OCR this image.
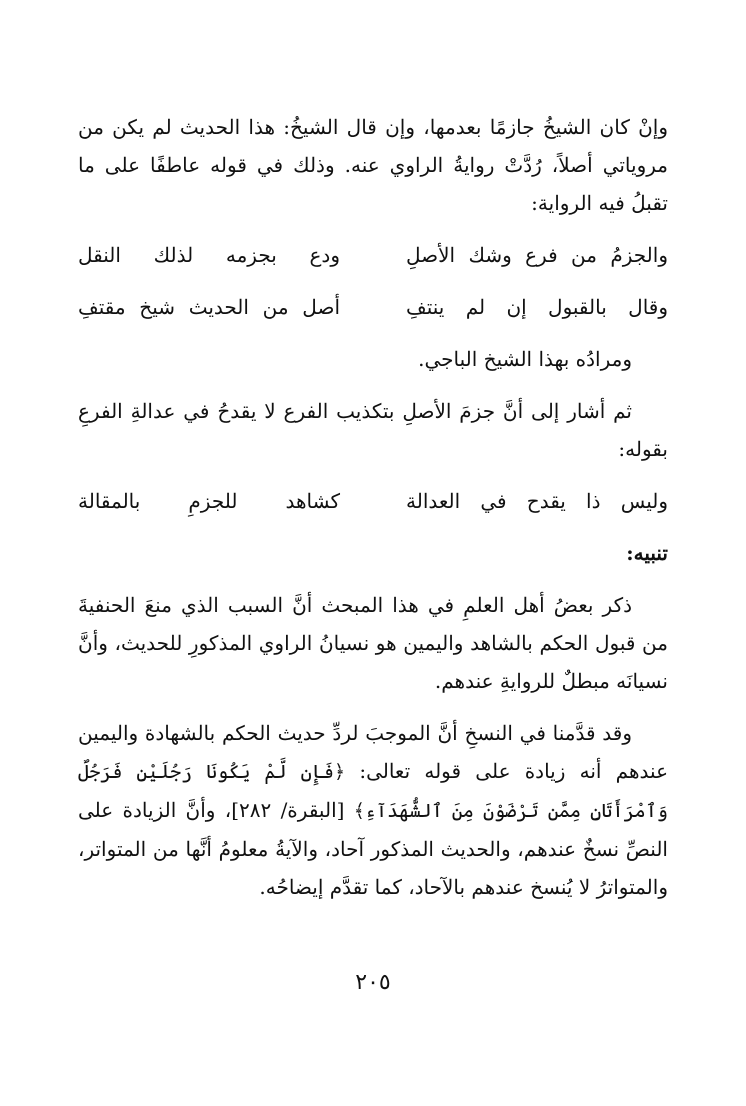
وإنْ كان الشيخُ جازمًا بعدمها، وإن قال الشيخُ: هذا الحديث لم يكن من مروياتي أصلاً، رُدَّتْ روايةُ الراوي عنه. وذلك في قوله عاطفًا على ما تقبلُ فيه الرواية:

والجزمُ من فرع وشك الأصلِ
ودع بجزمه لذلك النقل
وقال بالقبول إن لم ينتفِ
أصل من الحديث شيخ مقتفِ

ومرادُه بهذا الشيخ الباجي.

ثم أشار إلى أنَّ جزمَ الأصلِ بتكذيب الفرع لا يقدحُ في عدالةِ الفرعِ بقوله:

وليس ذا يقدح في العدالة
كشاهد للجزمِ بالمقالة
تنبيه:

ذكر بعضُ أهل العلمِ في هذا المبحث أنَّ السبب الذي منعَ الحنفيةَ من قبول الحكم بالشاهد واليمين هو نسيانُ الراوي المذكورِ للحديث، وأنَّ نسيانَه مبطلٌ للروايةِ عندهم.

وقد قدَّمنا في النسخِ أنَّ الموجبَ لردِّ حديث الحكم بالشهادة واليمين عندهم أنه زيادة على قوله تعالى: ﴿فَإِن لَّمْ يَكُونَا رَجُلَيْنِ فَرَجُلٌ وَٱمْرَأَتَانِ مِمَّن تَرْضَوْنَ مِنَ ٱلشُّهَدَآءِ﴾ [البقرة/ ٢٨٢]، وأنَّ الزيادة على النصِّ نسخٌ عندهم، والحديث المذكور آحاد، والآيةُ معلومُ أنَّها من المتواتر، والمتواترُ لا يُنسخ عندهم بالآحاد، كما تقدَّم إيضاحُه.

٢٠٥
